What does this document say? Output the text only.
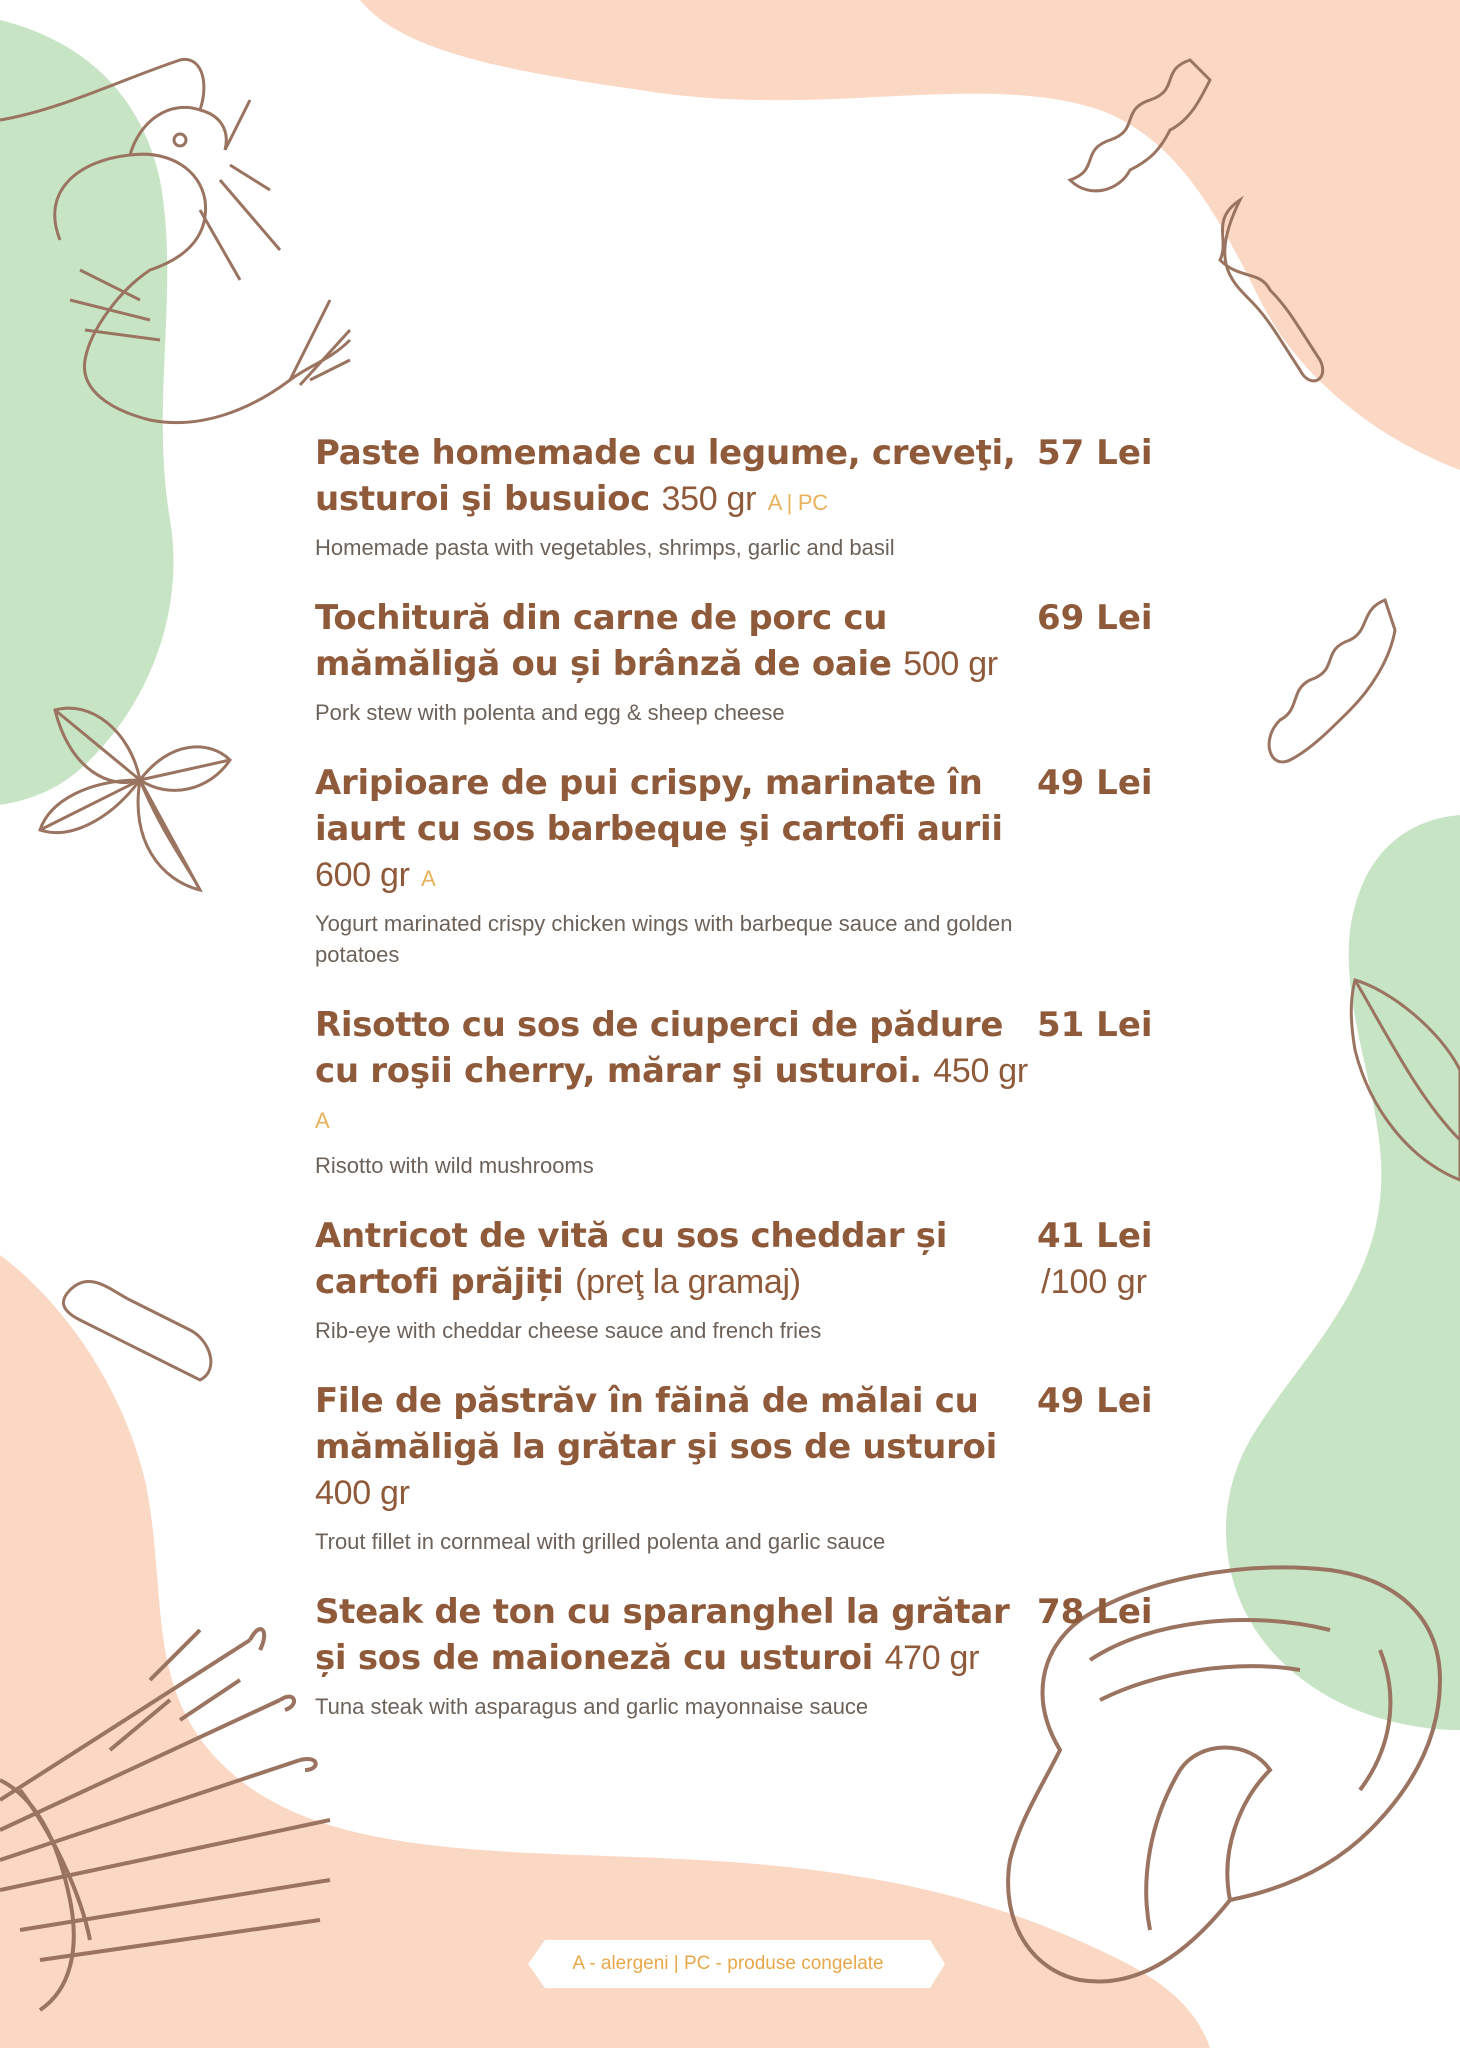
Paste homemade cu legume, creveţi, usturoi şi busuioc 350 gr A | PC
57 Lei
Homemade pasta with vegetables, shrimps, garlic and basil
Tochitură din carne de porc cu mămăligă ou și brânză de oaie 500 gr
69 Lei
Pork stew with polenta and egg & sheep cheese
Aripioare de pui crispy, marinate în iaurt cu sos barbeque şi cartofi aurii 600 gr A
49 Lei
Yogurt marinated crispy chicken wings with barbeque sauce and golden potatoes
Risotto cu sos de ciuperci de pădure cu roşii cherry, mărar şi usturoi. 450 gr A
51 Lei
Risotto with wild mushrooms
Antricot de vită cu sos cheddar și cartofi prăjiți (preţ la gramaj)
41 Lei
/100 gr
Rib-eye with cheddar cheese sauce and french fries
File de păstrăv în făină de mălai cu mămăligă la grătar şi sos de usturoi 400 gr
49 Lei
Trout fillet in cornmeal with grilled polenta and garlic sauce
Steak de ton cu sparanghel la grătar și sos de maioneză cu usturoi 470 gr
78 Lei
Tuna steak with asparagus and garlic mayonnaise sauce
A - alergeni | PC - produse congelate
